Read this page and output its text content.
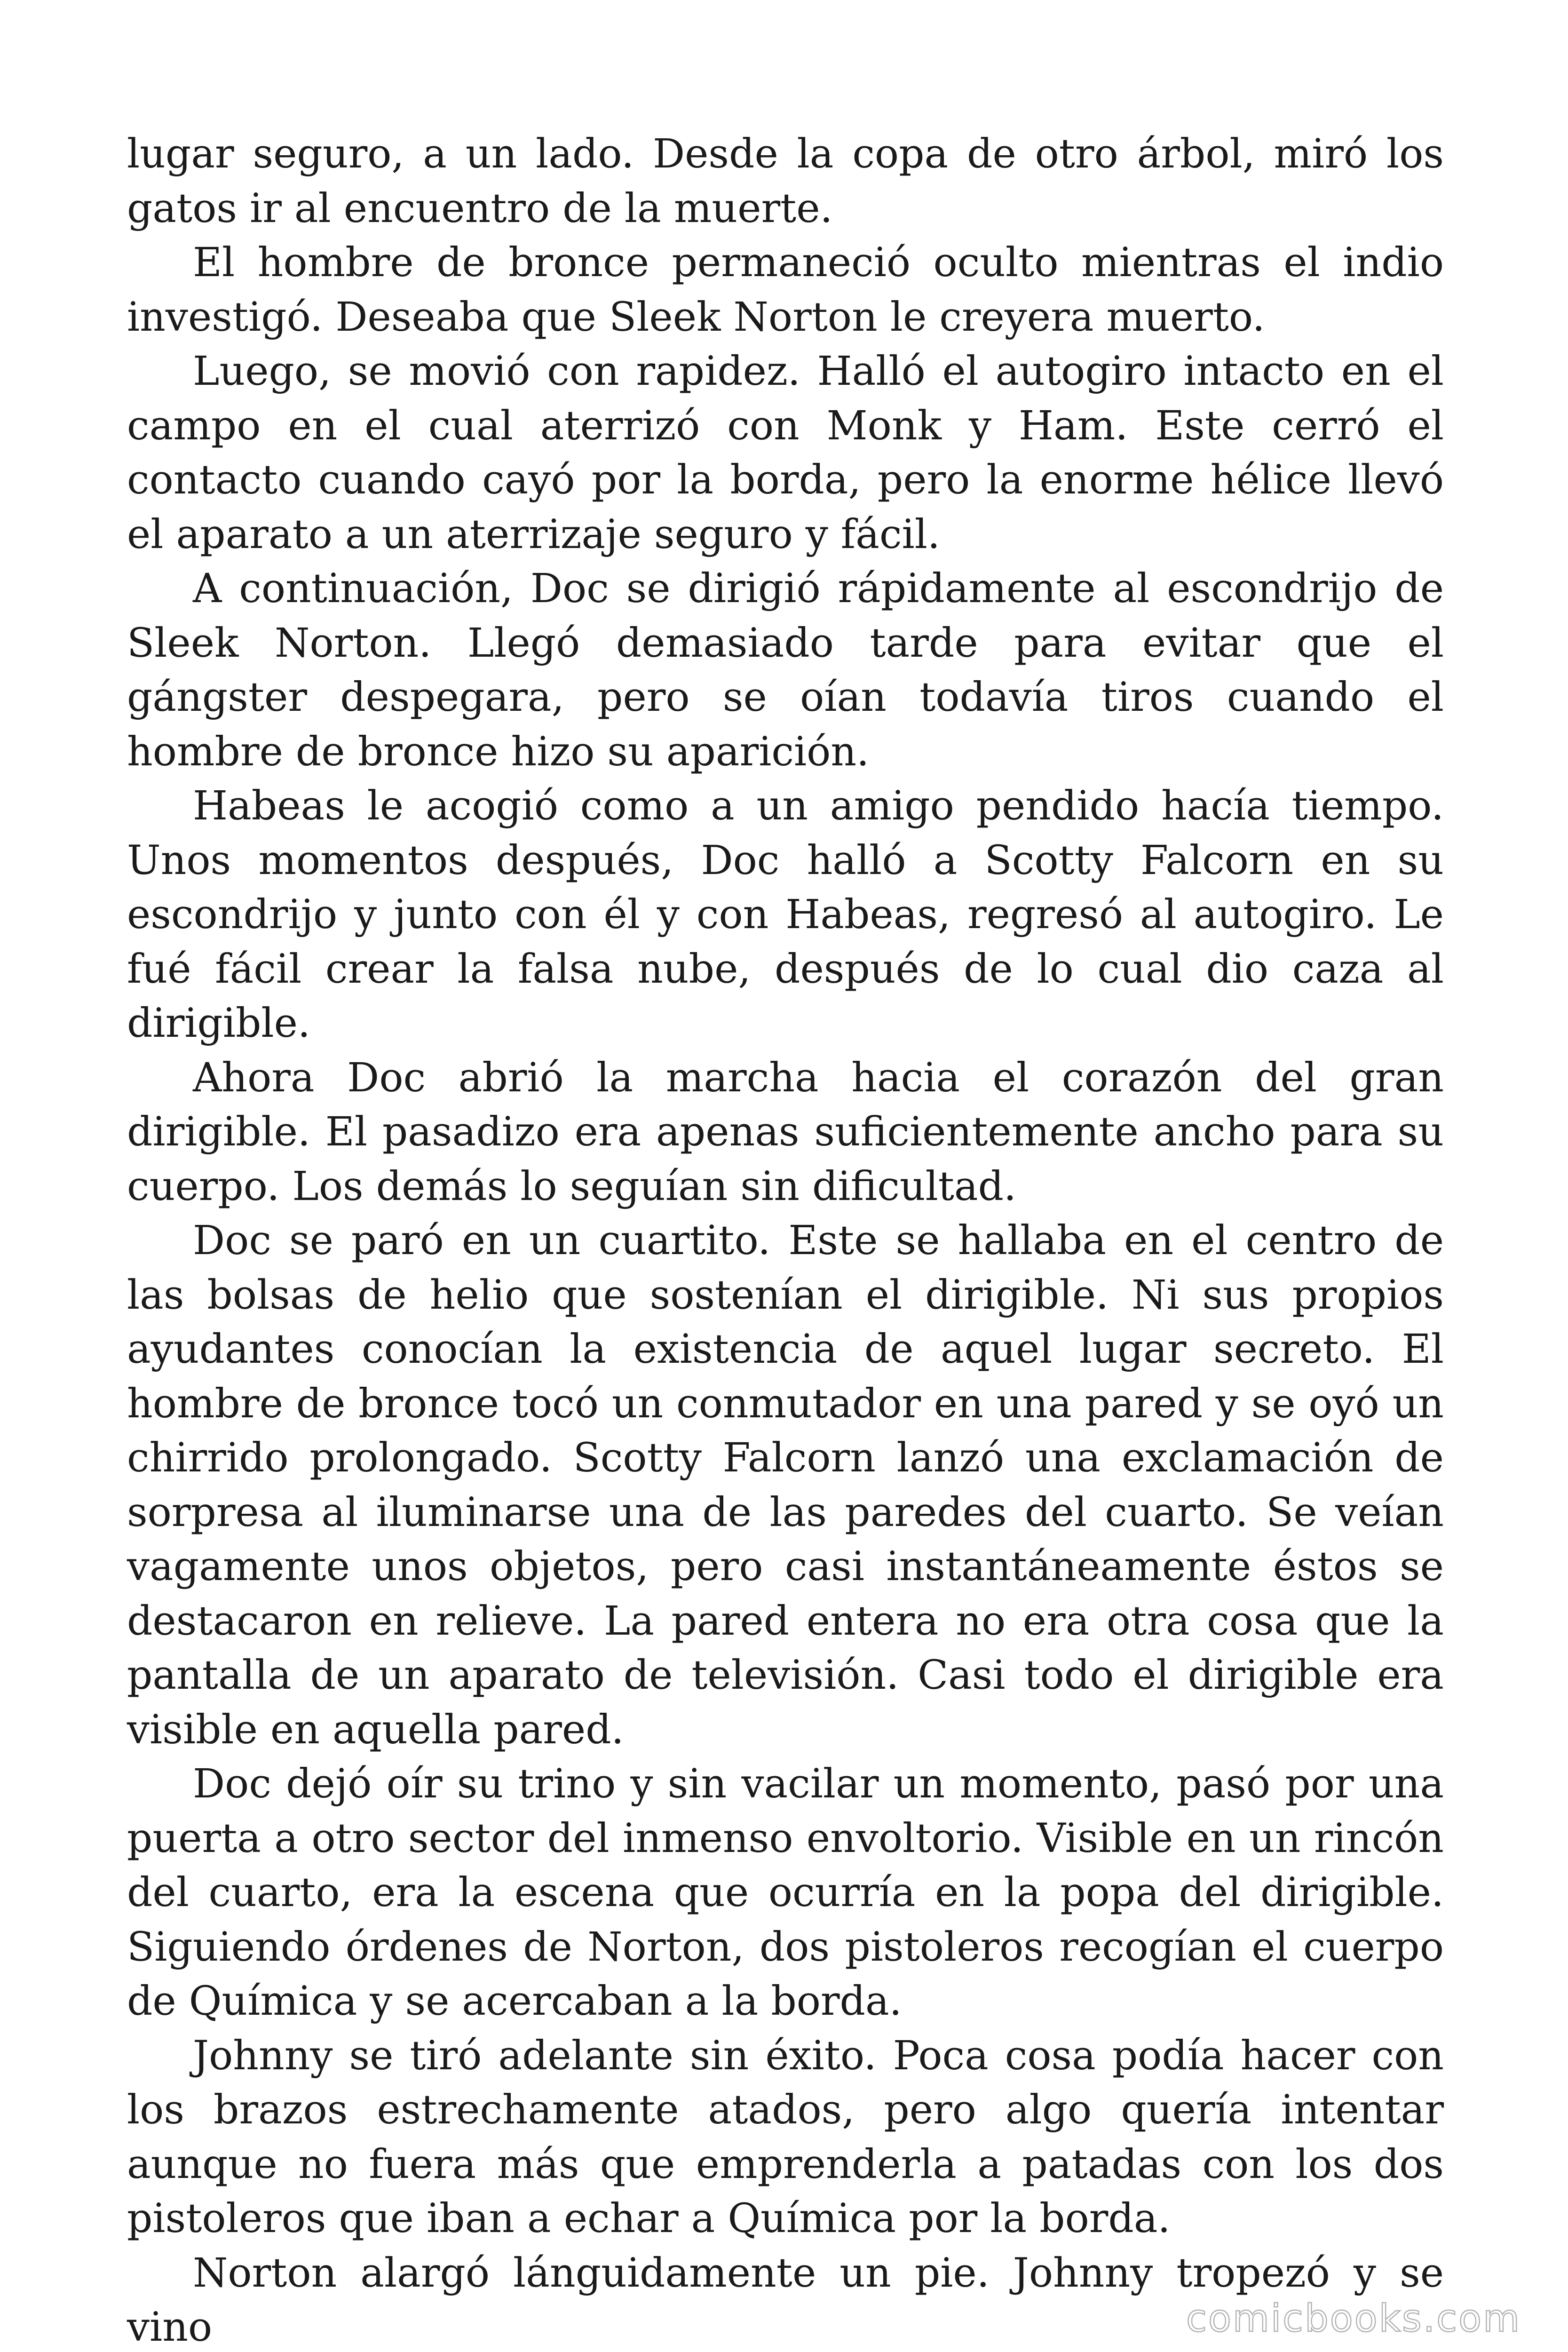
lugar seguro, a un lado. Desde la copa de otro árbol, miró los gatos ir al encuentro de la muerte.

El hombre de bronce permaneció oculto mientras el indio investigó. Deseaba que Sleek Norton le creyera muerto.

Luego, se movió con rapidez. Halló el autogiro intacto en el campo en el cual aterrizó con Monk y Ham. Este cerró el contacto cuando cayó por la borda, pero la enorme hélice llevó el aparato a un aterrizaje seguro y fácil.

A continuación, Doc se dirigió rápidamente al escondrijo de Sleek Norton. Llegó demasiado tarde para evitar que el gángster despegara, pero se oían todavía tiros cuando el hombre de bronce hizo su aparición.

Habeas le acogió como a un amigo pendido hacía tiempo. Unos momentos después, Doc halló a Scotty Falcorn en su escondrijo y junto con él y con Habeas, regresó al autogiro. Le fué fácil crear la falsa nube, después de lo cual dio caza al dirigible.

Ahora Doc abrió la marcha hacia el corazón del gran dirigible. El pasadizo era apenas suficientemente ancho para su cuerpo. Los demás lo seguían sin dificultad.

Doc se paró en un cuartito. Este se hallaba en el centro de las bolsas de helio que sostenían el dirigible. Ni sus propios ayudantes conocían la existencia de aquel lugar secreto. El hombre de bronce tocó un conmutador en una pared y se oyó un chirrido prolongado. Scotty Falcorn lanzó una exclamación de sorpresa al iluminarse una de las paredes del cuarto. Se veían vagamente unos objetos, pero casi instantáneamente éstos se destacaron en relieve. La pared entera no era otra cosa que la pantalla de un aparato de televisión. Casi todo el dirigible era visible en aquella pared.

Doc dejó oír su trino y sin vacilar un momento, pasó por una puerta a otro sector del inmenso envoltorio. Visible en un rincón del cuarto, era la escena que ocurría en la popa del dirigible. Siguiendo órdenes de Norton, dos pistoleros recogían el cuerpo de Química y se acercaban a la borda.

Johnny se tiró adelante sin éxito. Poca cosa podía hacer con los brazos estrechamente atados, pero algo quería intentar aunque no fuera más que emprenderla a patadas con los dos pistoleros que iban a echar a Química por la borda.

Norton alargó lánguidamente un pie. Johnny tropezó y se vino	comicbooks.com
